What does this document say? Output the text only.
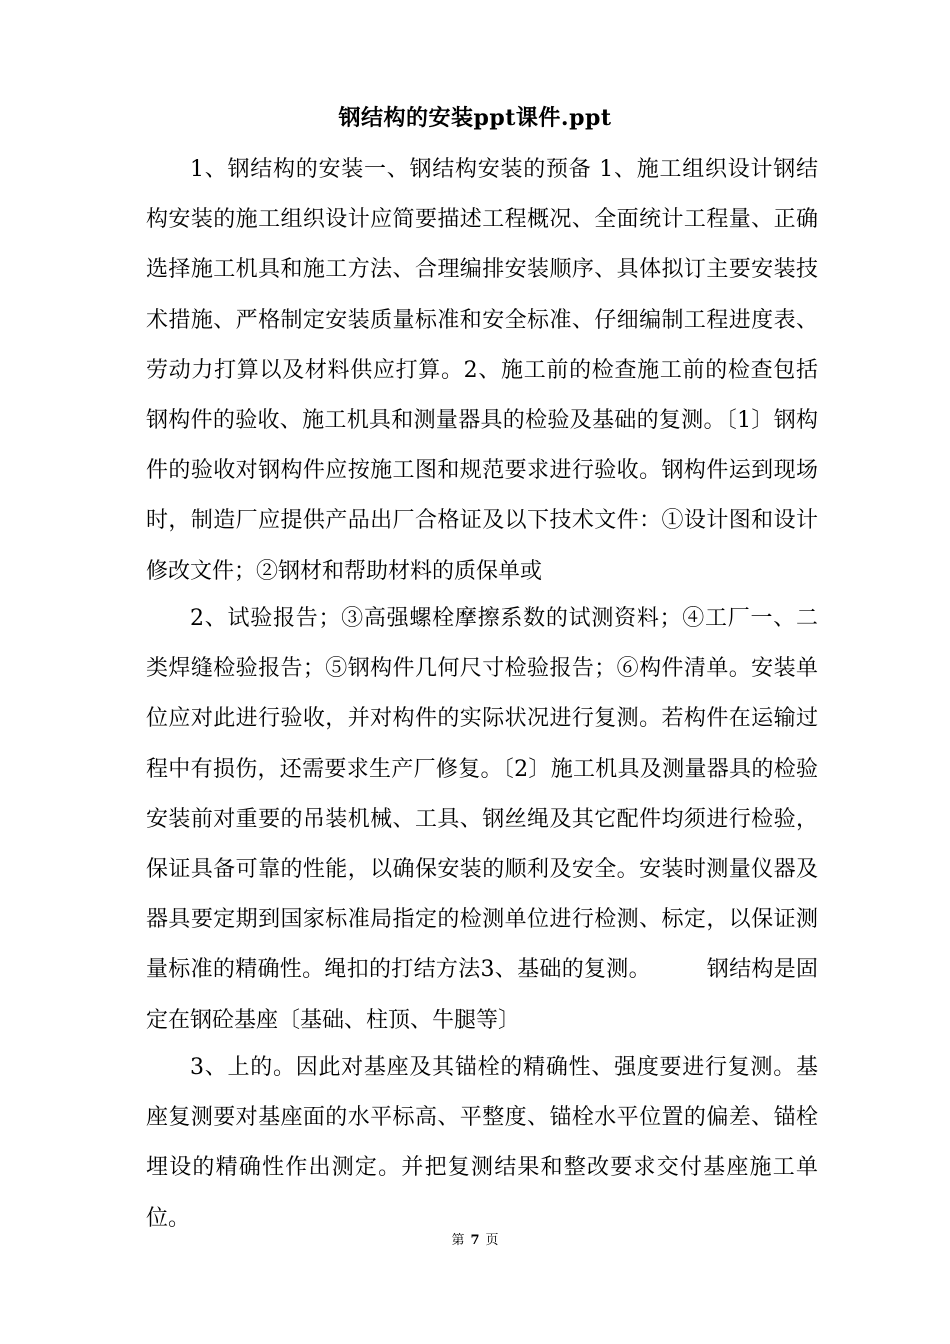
钢结构的安装ppt课件.ppt

1、钢结构的安装一、钢结构安装的预备 1、施工组织设计钢结构安装的施工组织设计应简要描述工程概况、全面统计工程量、正确选择施工机具和施工方法、合理编排安装顺序、具体拟订主要安装技术措施、严格制定安装质量标准和安全标准、仔细编制工程进度表、劳动力打算以及材料供应打算。2、施工前的检查施工前的检查包括钢构件的验收、施工机具和测量器具的检验及基础的复测。〔1〕钢构件的验收对钢构件应按施工图和规范要求进行验收。钢构件运到现场时，制造厂应提供产品出厂合格证及以下技术文件：①设计图和设计修改文件；②钢材和帮助材料的质保单或

2、试验报告；③高强螺栓摩擦系数的试测资料；④工厂一、二类焊缝检验报告；⑤钢构件几何尺寸检验报告；⑥构件清单。安装单位应对此进行验收，并对构件的实际状况进行复测。若构件在运输过程中有损伤，还需要求生产厂修复。〔2〕施工机具及测量器具的检验安装前对重要的吊装机械、工具、钢丝绳及其它配件均须进行检验，保证具备可靠的性能，以确保安装的顺利及安全。安装时测量仪器及器具要定期到国家标准局指定的检测单位进行检测、标定，以保证测量标准的精确性。绳扣的打结方法3、基础的复测。　　　钢结构是固定在钢砼基座〔基础、柱顶、牛腿等〕

3、上的。因此对基座及其锚栓的精确性、强度要进行复测。基座复测要对基座面的水平标高、平整度、锚栓水平位置的偏差、锚栓埋设的精确性作出测定。并把复测结果和整改要求交付基座施工单位。

第 7 页
